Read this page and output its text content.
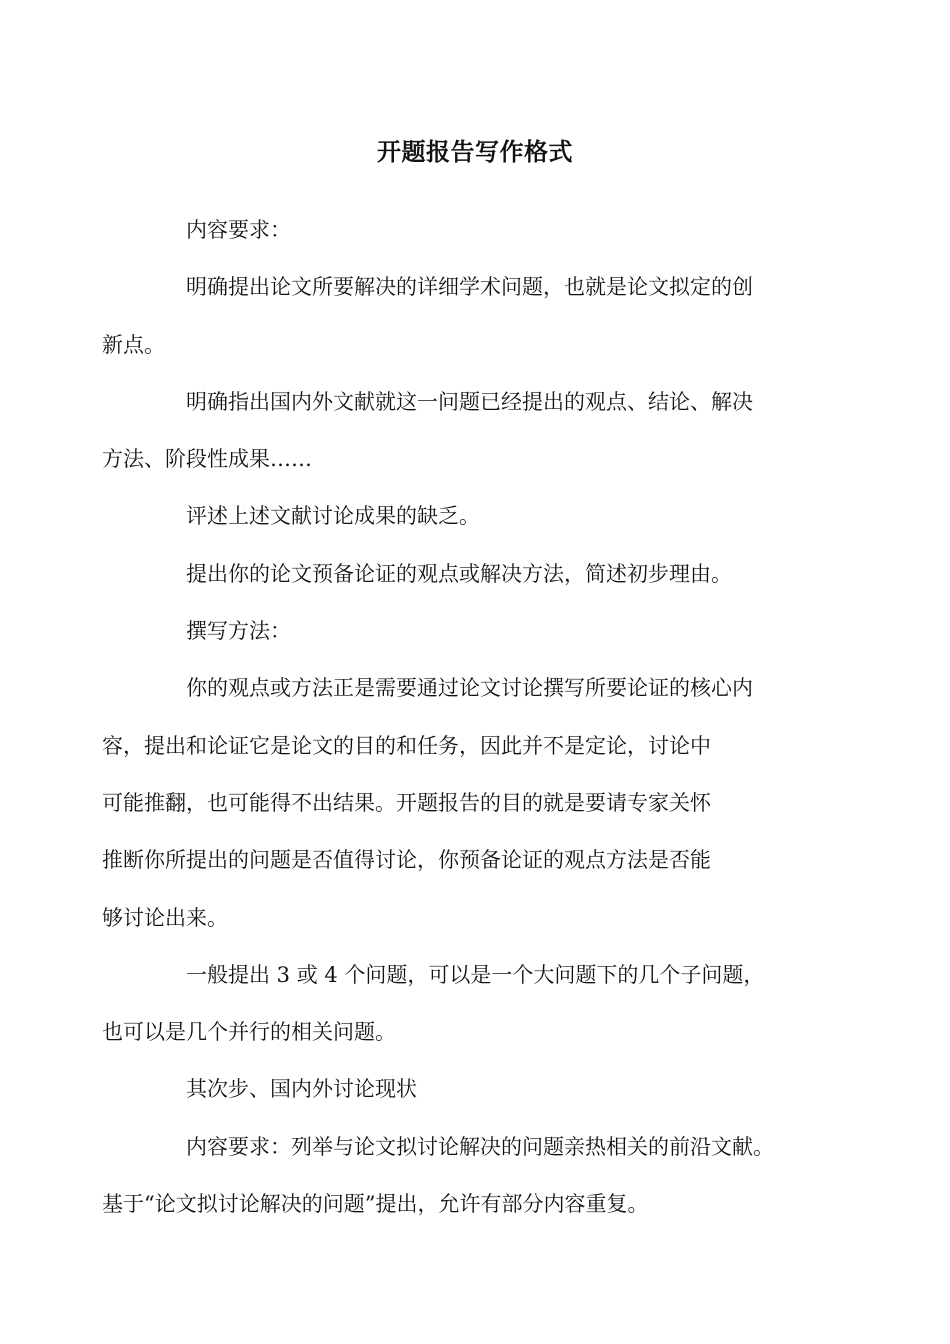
开题报告写作格式

内容要求：

明确提出论文所要解决的详细学术问题，也就是论文拟定的创
新点。

明确指出国内外文献就这一问题已经提出的观点、结论、解决
方法、阶段性成果……

评述上述文献讨论成果的缺乏。

提出你的论文预备论证的观点或解决方法，简述初步理由。

撰写方法：

你的观点或方法正是需要通过论文讨论撰写所要论证的核心内
容，提出和论证它是论文的目的和任务，因此并不是定论，讨论中
可能推翻，也可能得不出结果。开题报告的目的就是要请专家关怀
推断你所提出的问题是否值得讨论，你预备论证的观点方法是否能
够讨论出来。

一般提出 3 或 4 个问题，可以是一个大问题下的几个子问题，
也可以是几个并行的相关问题。

其次步、国内外讨论现状

内容要求：列举与论文拟讨论解决的问题亲热相关的前沿文献。
基于“论文拟讨论解决的问题”提出，允许有部分内容重复。
